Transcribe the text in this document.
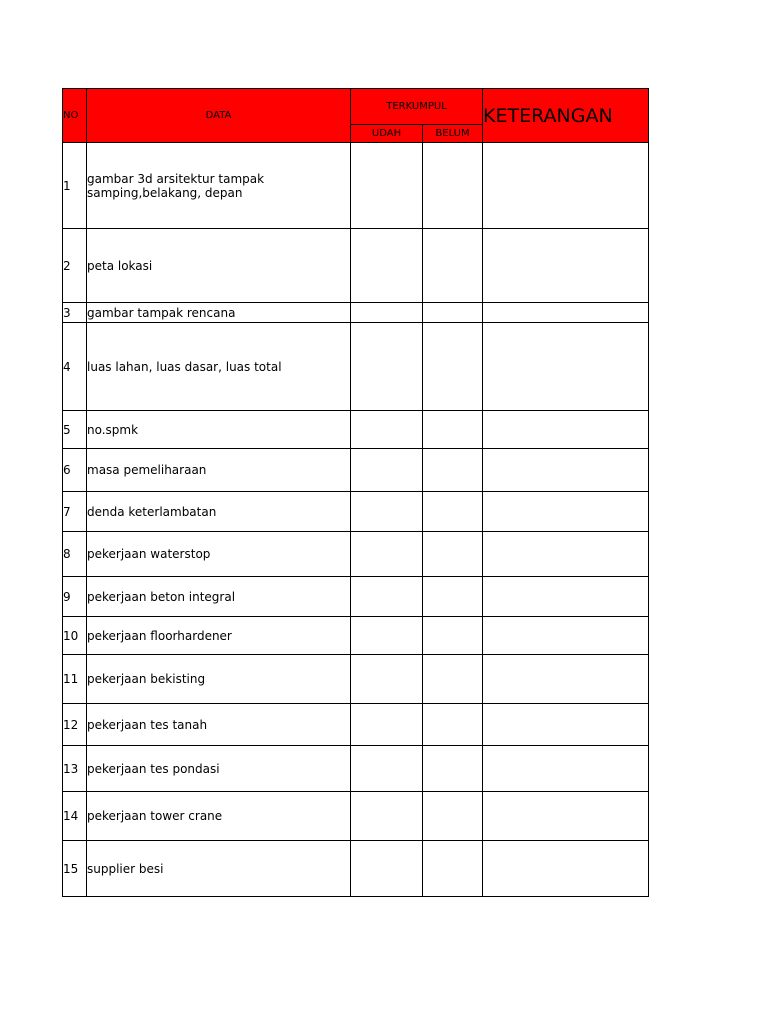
NO	DATA	TERKUMPUL		KETERANGAN
		UDAH	BELUM	
1	gambar 3d arsitektur tampak samping,belakang, depan			
2	peta lokasi			
3	gambar tampak rencana			
4	luas lahan, luas dasar, luas total			
5	no.spmk			
6	masa pemeliharaan			
7	denda keterlambatan			
8	pekerjaan waterstop			
9	pekerjaan beton integral			
10	pekerjaan floorhardener			
11	pekerjaan bekisting			
12	pekerjaan tes tanah			
13	pekerjaan tes pondasi			
14	pekerjaan tower crane			
15	supplier besi			
